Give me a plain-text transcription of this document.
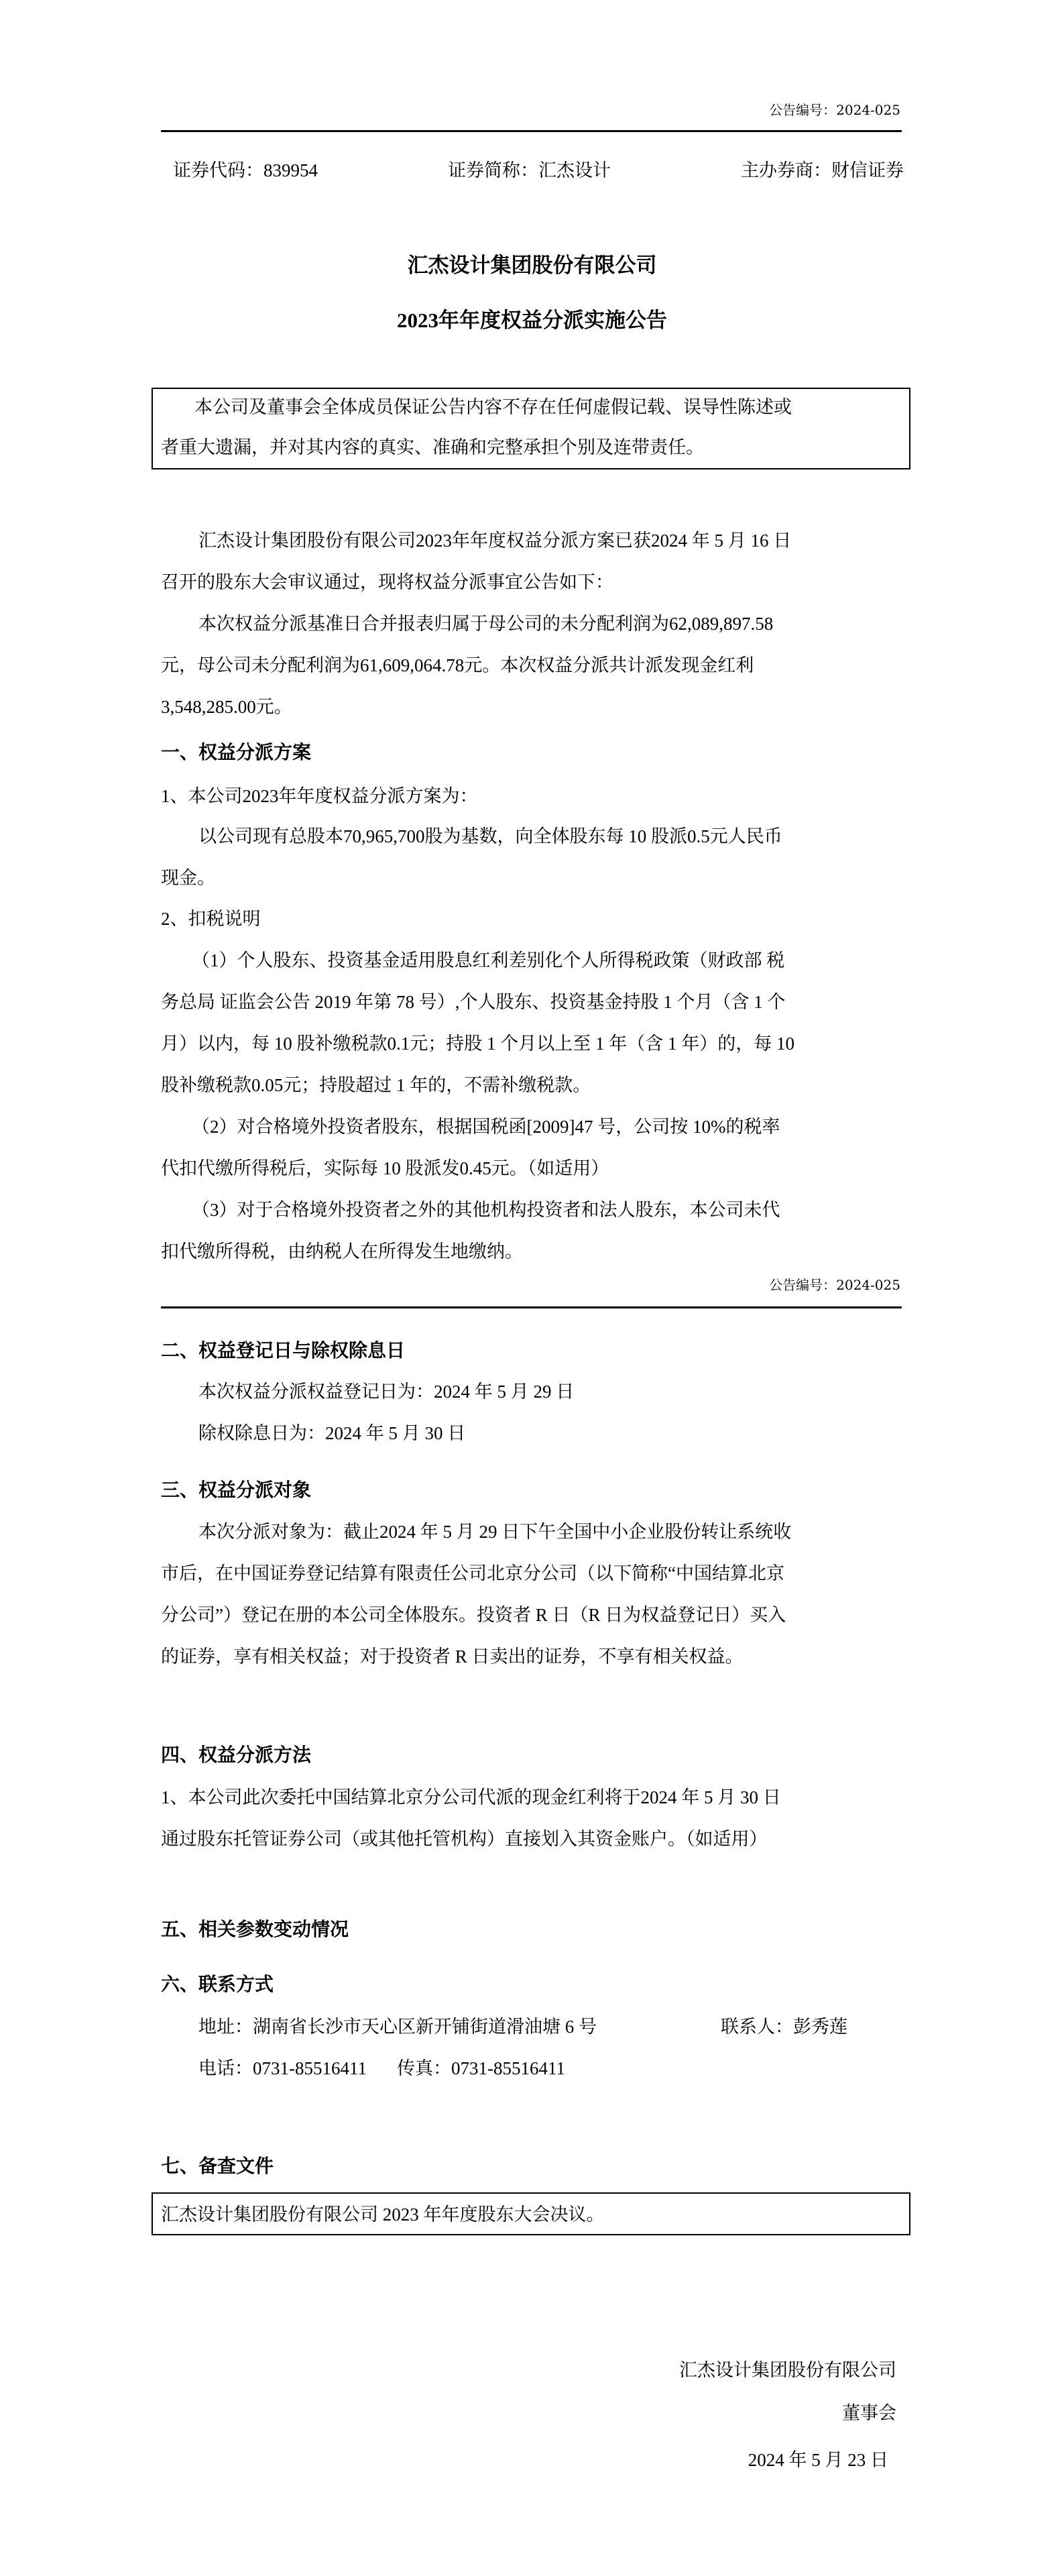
公告编号：2024-025
证券代码：839954	证券简称：汇杰设计	主办券商：财信证券
汇杰设计集团股份有限公司
2023年年度权益分派实施公告
本公司及董事会全体成员保证公告内容不存在任何虚假记载、误导性陈述或
者重大遗漏，并对其内容的真实、准确和完整承担个别及连带责任。
汇杰设计集团股份有限公司2023年年度权益分派方案已获2024 年 5 月 16 日
召开的股东大会审议通过，现将权益分派事宜公告如下：
本次权益分派基准日合并报表归属于母公司的未分配利润为62,089,897.58
元，母公司未分配利润为61,609,064.78元。本次权益分派共计派发现金红利
3,548,285.00元。
一、权益分派方案
1、本公司2023年年度权益分派方案为：
以公司现有总股本70,965,700股为基数，向全体股东每 10 股派0.5元人民币
现金。
2、扣税说明
（1）个人股东、投资基金适用股息红利差别化个人所得税政策（财政部 税
务总局 证监会公告 2019 年第 78 号）,个人股东、投资基金持股 1 个月（含 1 个
月）以内，每 10 股补缴税款0.1元；持股 1 个月以上至 1 年（含 1 年）的，每 10
股补缴税款0.05元；持股超过 1 年的，不需补缴税款。
（2）对合格境外投资者股东，根据国税函[2009]47 号，公司按 10%的税率
代扣代缴所得税后，实际每 10 股派发0.45元。（如适用）
（3）对于合格境外投资者之外的其他机构投资者和法人股东，本公司未代
扣代缴所得税，由纳税人在所得发生地缴纳。
公告编号：2024-025
二、权益登记日与除权除息日
本次权益分派权益登记日为：2024 年 5 月 29 日
除权除息日为：2024 年 5 月 30 日
三、权益分派对象
本次分派对象为：截止2024 年 5 月 29 日下午全国中小企业股份转让系统收
市后，在中国证券登记结算有限责任公司北京分公司（以下简称“中国结算北京
分公司”）登记在册的本公司全体股东。投资者 R 日（R 日为权益登记日）买入
的证券，享有相关权益；对于投资者 R 日卖出的证券，不享有相关权益。
四、权益分派方法
1、本公司此次委托中国结算北京分公司代派的现金红利将于2024 年 5 月 30 日
通过股东托管证券公司（或其他托管机构）直接划入其资金账户。（如适用）
五、相关参数变动情况
六、联系方式
地址：湖南省长沙市天心区新开铺街道滑油塘 6 号	联系人：彭秀莲
电话：0731-85516411 传真：0731-85516411
七、备查文件
汇杰设计集团股份有限公司 2023 年年度股东大会决议。
汇杰设计集团股份有限公司
董事会
2024 年 5 月 23 日
